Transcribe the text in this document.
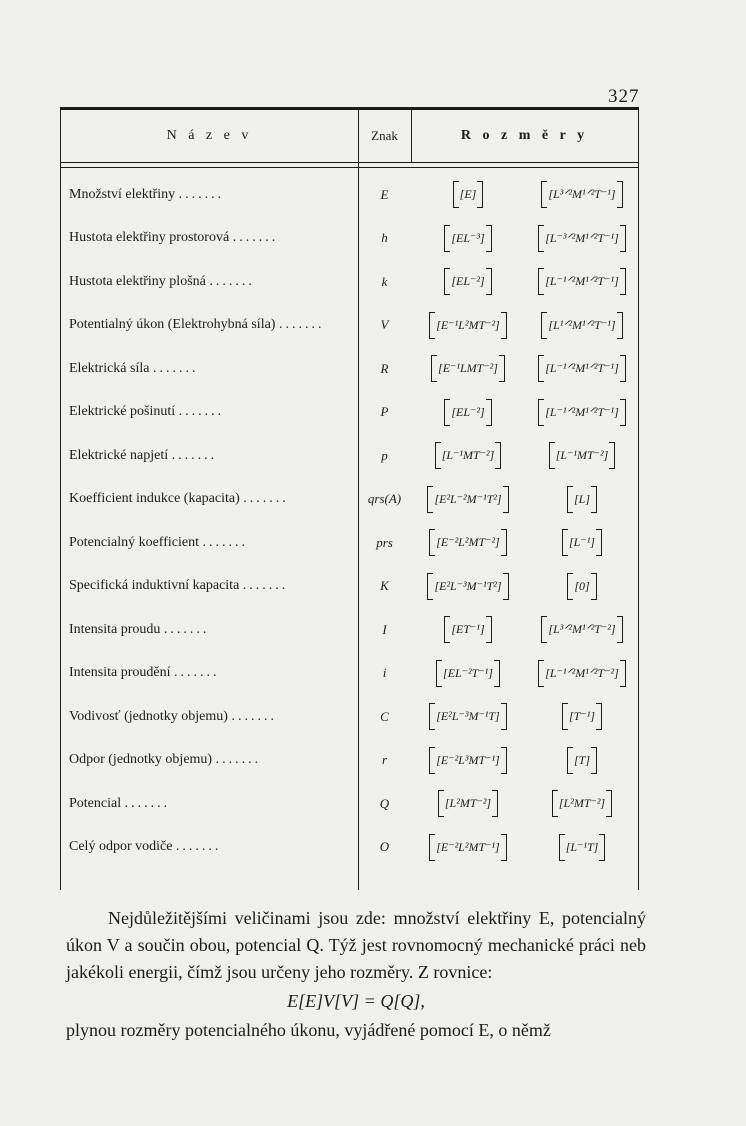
327
N á z e v	Znak	R o z m ě r y
Množství elektřiny .......	E	[E]	[L³ᐟ²M¹ᐟ²T⁻¹]
Hustota elektřiny prostorová .......	h	[EL⁻³]	[L⁻³ᐟ²M¹ᐟ²T⁻¹]
Hustota elektřiny plošná .......	k	[EL⁻²]	[L⁻¹ᐟ²M¹ᐟ²T⁻¹]
Potentialný úkon (Elektrohybná síla) .......	V	[E⁻¹L²MT⁻²]	[L¹ᐟ²M¹ᐟ²T⁻¹]
Elektrická síla .......	R	[E⁻¹LMT⁻²]	[L⁻¹ᐟ²M¹ᐟ²T⁻¹]
Elektrické pošinutí .......	P	[EL⁻²]	[L⁻¹ᐟ²M¹ᐟ²T⁻¹]
Elektrické napjetí .......	p	[L⁻¹MT⁻²]	[L⁻¹MT⁻²]
Koefficient indukce (kapacita) .......	qrs(A)	[E²L⁻²M⁻¹T²]	[L]
Potencialný koefficient .......	prs	[E⁻²L²MT⁻²]	[L⁻¹]
Specifická induktivní kapacita .......	K	[E²L⁻³M⁻¹T²]	[0]
Intensita proudu .......	I	[ET⁻¹]	[L³ᐟ²M¹ᐟ²T⁻²]
Intensita proudění .......	i	[EL⁻²T⁻¹]	[L⁻¹ᐟ²M¹ᐟ²T⁻²]
Vodivosť (jednotky objemu) .......	C	[E²L⁻³M⁻¹T]	[T⁻¹]
Odpor (jednotky objemu) .......	r	[E⁻²L³MT⁻¹]	[T]
Potencial .......	Q	[L²MT⁻²]	[L²MT⁻²]
Celý odpor vodiče .......	O	[E⁻²L²MT⁻¹]	[L⁻¹T]

Nejdůležitějšími veličinami jsou zde: množství elektřiny E, potencialný úkon V a součin obou, potencial Q. Týž jest rovnomocný mechanické práci neb jakékoli energii, čímž jsou určeny jeho rozměry. Z rovnice:

E[E]V[V] = Q[Q],

plynou rozměry potencialného úkonu, vyjádřené pomocí E, o němž
